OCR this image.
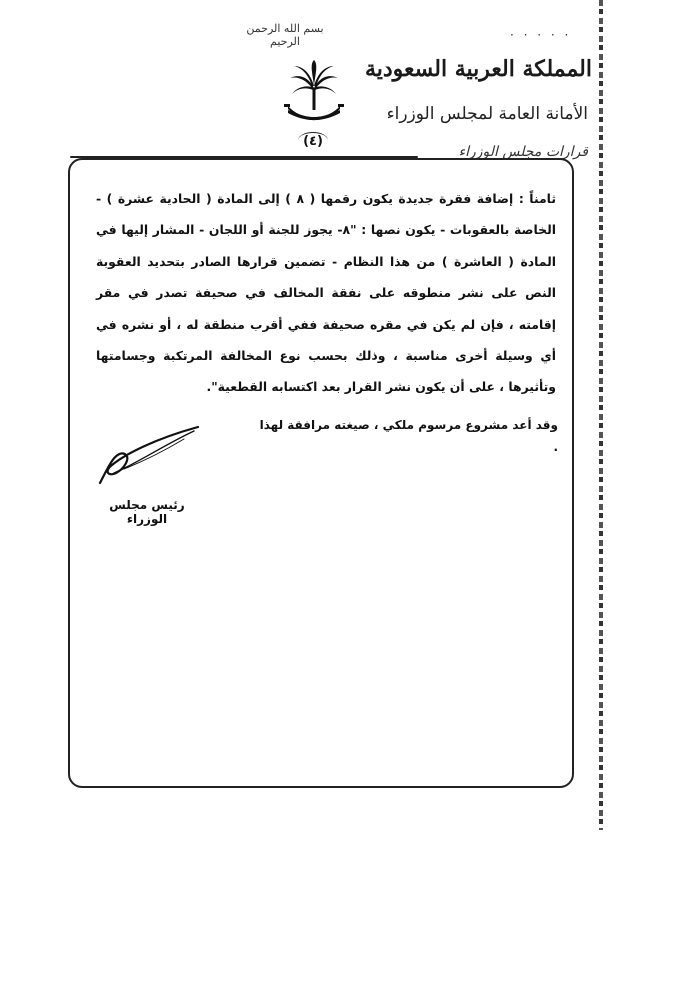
· · · · ·
بسم الله الرحمن الرحيم
(٤)
المملكة العربية السعودية
الأمانة العامة لمجلس الوزراء
قرارات مجلس الوزراء
ثامناً : إضافة فقرة جديدة يكون رقمها ( ٨ ) إلى المادة ( الحادية عشرة ) - الخاصة بالعقوبات - يكون نصها : "٨- يجوز للجنة أو اللجان - المشار إليها في المادة ( العاشرة ) من هذا النظام - تضمين قرارها الصادر بتحديد العقوبة النص على نشر منطوقه على نفقة المخالف في صحيفة تصدر في مقر إقامته ، فإن لم يكن في مقره صحيفة ففي أقرب منطقة له ، أو نشره في أي وسيلة أخرى مناسبة ، وذلك بحسب نوع المخالفة المرتكبة وجسامتها وتأثيرها ، على أن يكون نشر القرار بعد اكتسابه القطعية".
وقد أعد مشروع مرسوم ملكي ، صيغته مرافقة لهذا .
رئيس مجلس الوزراء
